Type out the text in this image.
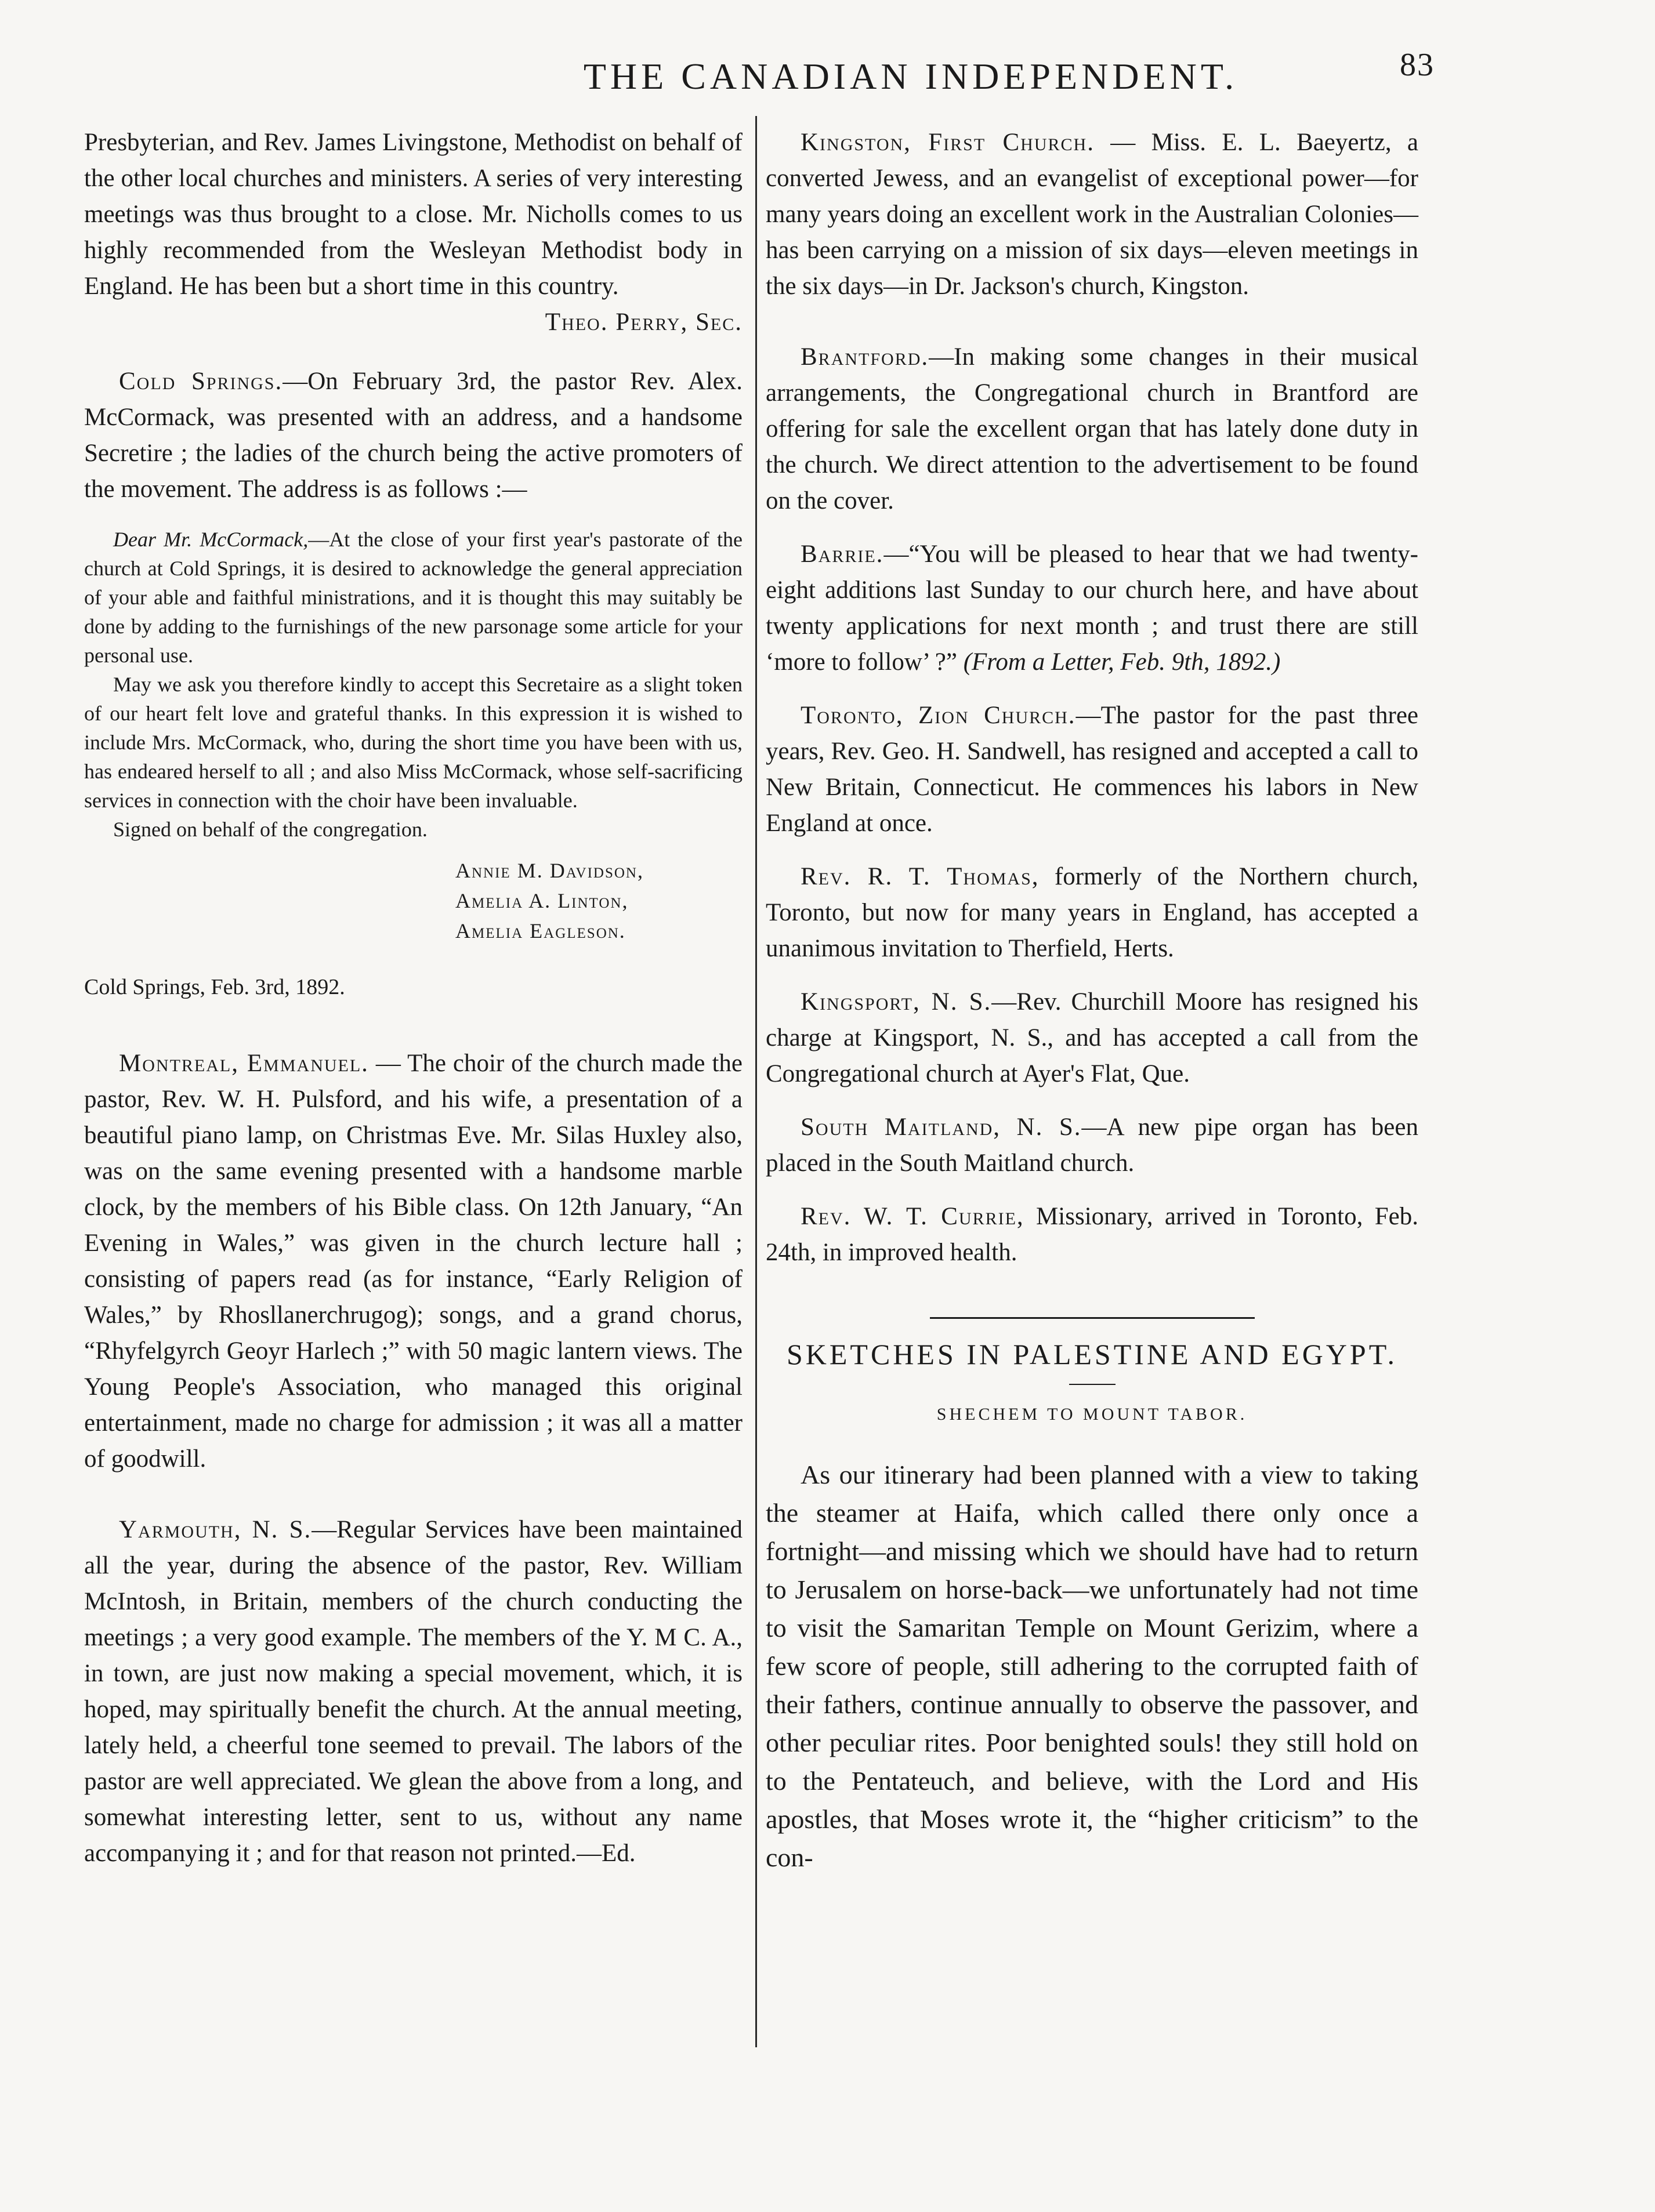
THE CANADIAN INDEPENDENT.	83

Presbyterian, and Rev. James Livingstone, Methodist on behalf of the other local churches and ministers. A series of very interesting meetings was thus brought to a close. Mr. Nicholls comes to us highly recommended from the Wesleyan Methodist body in England. He has been but a short time in this country.
Theo. Perry, Sec.

Cold Springs.—On February 3rd, the pastor Rev. Alex. McCormack, was presented with an address, and a handsome Secretire ; the ladies of the church being the active promoters of the movement. The address is as follows :—

Dear Mr. McCormack,—At the close of your first year's pastorate of the church at Cold Springs, it is desired to acknowledge the general appreciation of your able and faithful ministrations, and it is thought this may suitably be done by adding to the furnishings of the new parsonage some article for your personal use.

May we ask you therefore kindly to accept this Secretaire as a slight token of our heart felt love and grateful thanks. In this expression it is wished to include Mrs. McCormack, who, during the short time you have been with us, has endeared herself to all ; and also Miss McCormack, whose self-sacrificing services in connection with the choir have been invaluable.

Signed on behalf of the congregation.

Annie M. Davidson,
Amelia A. Linton,
Amelia Eagleson.
Cold Springs, Feb. 3rd, 1892.

Montreal, Emmanuel. — The choir of the church made the pastor, Rev. W. H. Pulsford, and his wife, a presentation of a beautiful piano lamp, on Christmas Eve. Mr. Silas Huxley also, was on the same evening presented with a handsome marble clock, by the members of his Bible class. On 12th January, “An Evening in Wales,” was given in the church lecture hall ; consisting of papers read (as for instance, “Early Religion of Wales,” by Rhosllanerchrugog); songs, and a grand chorus, “Rhyfelgyrch Geoyr Harlech ;” with 50 magic lantern views. The Young People's Association, who managed this original entertainment, made no charge for admission ; it was all a matter of goodwill.

Yarmouth, N. S.—Regular Services have been maintained all the year, during the absence of the pastor, Rev. William McIntosh, in Britain, members of the church conducting the meetings ; a very good example. The members of the Y. M C. A., in town, are just now making a special movement, which, it is hoped, may spiritually benefit the church. At the annual meeting, lately held, a cheerful tone seemed to prevail. The labors of the pastor are well appreciated. We glean the above from a long, and somewhat interesting letter, sent to us, without any name accompanying it ; and for that reason not printed.—Ed.

Kingston, First Church. — Miss. E. L. Baeyertz, a converted Jewess, and an evangelist of exceptional power—for many years doing an excellent work in the Australian Colonies—has been carrying on a mission of six days—eleven meetings in the six days—in Dr. Jackson's church, Kingston.

Brantford.—In making some changes in their musical arrangements, the Congregational church in Brantford are offering for sale the excellent organ that has lately done duty in the church. We direct attention to the advertisement to be found on the cover.

Barrie.—“You will be pleased to hear that we had twenty-eight additions last Sunday to our church here, and have about twenty applications for next month ; and trust there are still ‘more to follow’ ?” (From a Letter, Feb. 9th, 1892.)

Toronto, Zion Church.—The pastor for the past three years, Rev. Geo. H. Sandwell, has resigned and accepted a call to New Britain, Connecticut. He commences his labors in New England at once.

Rev. R. T. Thomas, formerly of the Northern church, Toronto, but now for many years in England, has accepted a unanimous invitation to Therfield, Herts.

Kingsport, N. S.—Rev. Churchill Moore has resigned his charge at Kingsport, N. S., and has accepted a call from the Congregational church at Ayer's Flat, Que.

South Maitland, N. S.—A new pipe organ has been placed in the South Maitland church.

Rev. W. T. Currie, Missionary, arrived in Toronto, Feb. 24th, in improved health.

SKETCHES IN PALESTINE AND EGYPT.
SHECHEM TO MOUNT TABOR.

As our itinerary had been planned with a view to taking the steamer at Haifa, which called there only once a fortnight—and missing which we should have had to return to Jerusalem on horse-back—we unfortunately had not time to visit the Samaritan Temple on Mount Gerizim, where a few score of people, still adhering to the corrupted faith of their fathers, continue annually to observe the passover, and other peculiar rites. Poor benighted souls! they still hold on to the Pentateuch, and believe, with the Lord and His apostles, that Moses wrote it, the “higher criticism” to the con-
